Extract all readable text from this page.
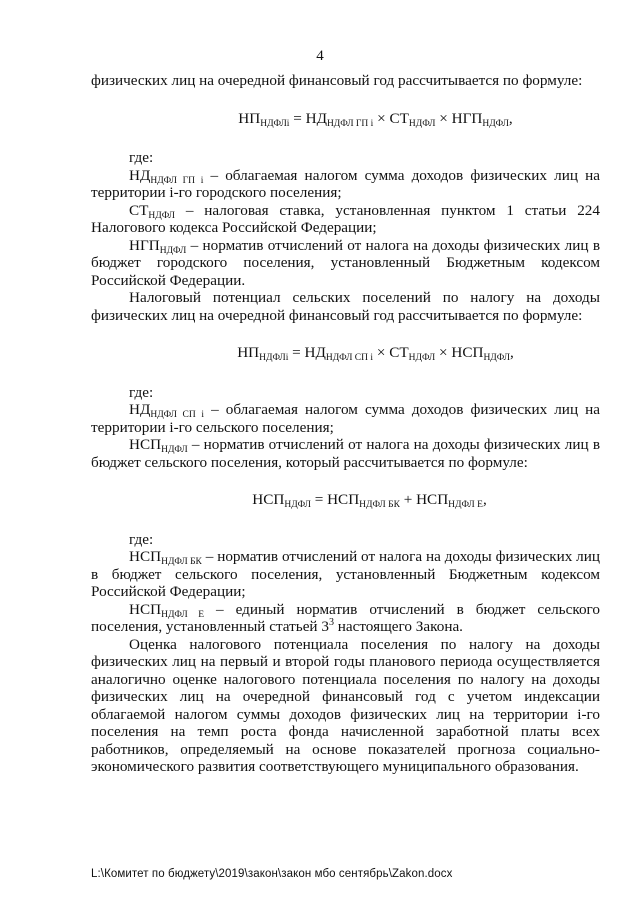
4

физических лиц на очередной финансовый год рассчитывается по формуле:

$НП_{НДФЛi} = НД_{НДФЛ ГП i} \times СТ_{НДФЛ} \times НГП_{НДФЛ}$,

где:

$НД_{НДФЛ ГП i}$ – облагаемая налогом сумма доходов физических лиц на территории i-го городского поселения;

$СТ_{НДФЛ}$ – налоговая ставка, установленная пунктом 1 статьи 224 Налогового кодекса Российской Федерации;

$НГП_{НДФЛ}$ – норматив отчислений от налога на доходы физических лиц в бюджет городского поселения, установленный Бюджетным кодексом Российской Федерации.

Налоговый потенциал сельских поселений по налогу на доходы физических лиц на очередной финансовый год рассчитывается по формуле:

$НП_{НДФЛi} = НД_{НДФЛ СП i} \times СТ_{НДФЛ} \times НСП_{НДФЛ}$,

где:

$НД_{НДФЛ СП i}$ – облагаемая налогом сумма доходов физических лиц на территории i-го сельского поселения;

$НСП_{НДФЛ}$ – норматив отчислений от налога на доходы физических лиц в бюджет сельского поселения, который рассчитывается по формуле:

$НСП_{НДФЛ} = НСП_{НДФЛ БК} + НСП_{НДФЛ Е}$,

где:

$НСП_{НДФЛ БК}$ – норматив отчислений от налога на доходы физических лиц в бюджет сельского поселения, установленный Бюджетным кодексом Российской Федерации;

$НСП_{НДФЛ Е}$ – единый норматив отчислений в бюджет сельского поселения, установленный статьей $3^3$ настоящего Закона.

Оценка налогового потенциала поселения по налогу на доходы физических лиц на первый и второй годы планового периода осуществляется аналогично оценке налогового потенциала поселения по налогу на доходы физических лиц на очередной финансовый год с учетом индексации облагаемой налогом суммы доходов физических лиц на территории i-го поселения на темп роста фонда начисленной заработной платы всех работников, определяемый на основе показателей прогноза социально-экономического развития соответствующего муниципального образования.

L:\Комитет по бюджету\2019\закон\закон мбо сентябрь\Zakon.docx
